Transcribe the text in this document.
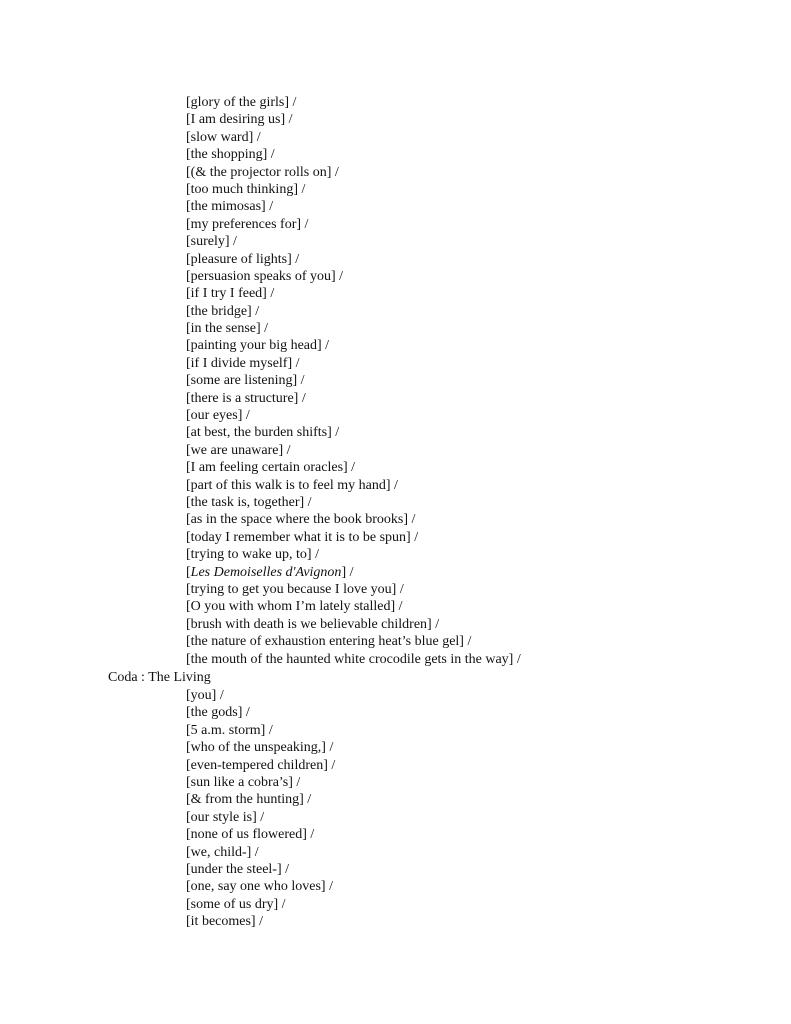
[glory of the girls] /
[I am desiring us] /
[slow ward] /
[the shopping] /
[(& the projector rolls on] /
[too much thinking] /
[the mimosas] /
[my preferences for] /
[surely] /
[pleasure of lights] /
[persuasion speaks of you] /
[if I try I feed] /
[the bridge] /
[in the sense] /
[painting your big head] /
[if I divide myself] /
[some are listening] /
[there is a structure] /
[our eyes] /
[at best, the burden shifts] /
[we are unaware] /
[I am feeling certain oracles] /
[part of this walk is to feel my hand] /
[the task is, together] /
[as in the space where the book brooks] /
[today I remember what it is to be spun] /
[trying to wake up, to] /
[Les Demoiselles d'Avignon] /
[trying to get you because I love you] /
[O you with whom I’m lately stalled] /
[brush with death is we believable children] /
[the nature of exhaustion entering heat’s blue gel] /
[the mouth of the haunted white crocodile gets in the way] /
Coda : The Living
[you] /
[the gods] /
[5 a.m. storm] /
[who of the unspeaking,] /
[even-tempered children] /
[sun like a cobra’s] /
[& from the hunting] /
[our style is] /
[none of us flowered] /
[we, child-] /
[under the steel-] /
[one, say one who loves] /
[some of us dry] /
[it becomes] /
